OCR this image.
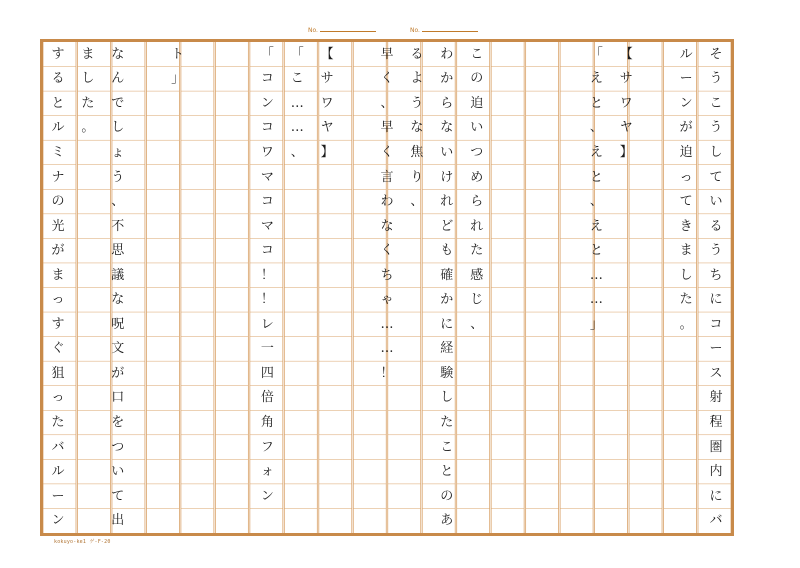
No.	No.
そ
う
こ
う
し
て
い
る
う
ち
に
コ
ー
ス
射
程
圏
内
に
バ
ル
ー
ン
が
迫
っ
て
き
ま
し
た
。
【
サ
ワ
ヤ
】
「
え
と
、
え
と
、
え
と
…
…
」
こ
の
迫
い
つ
め
ら
れ
た
感
じ
、
わ
か
ら
な
い
け
れ
ど
も
確
か
に
経
験
し
た
こ
と
の
あ
る
よ
う
な
焦
り
、
早
く
、
早
く
言
わ
な
く
ち
ゃ
…
…
！
【
サ
ワ
ヤ
】
「
こ
…
…
、
「
コ
ン
コ
ワ
マ
コ
マ
コ
！
！
レ
一
四
倍
角
フ
ォ
ン
ト
」
な
ん
で
し
ょ
う
、
不
思
議
な
呪
文
が
口
を
つ
い
て
出
ま
し
た
。
す
る
と
ル
ミ
ナ
の
光
が
ま
っ
す
ぐ
狙
っ
た
バ
ル
ー
ン
kokuyo-ke1 ゲ-F-20
